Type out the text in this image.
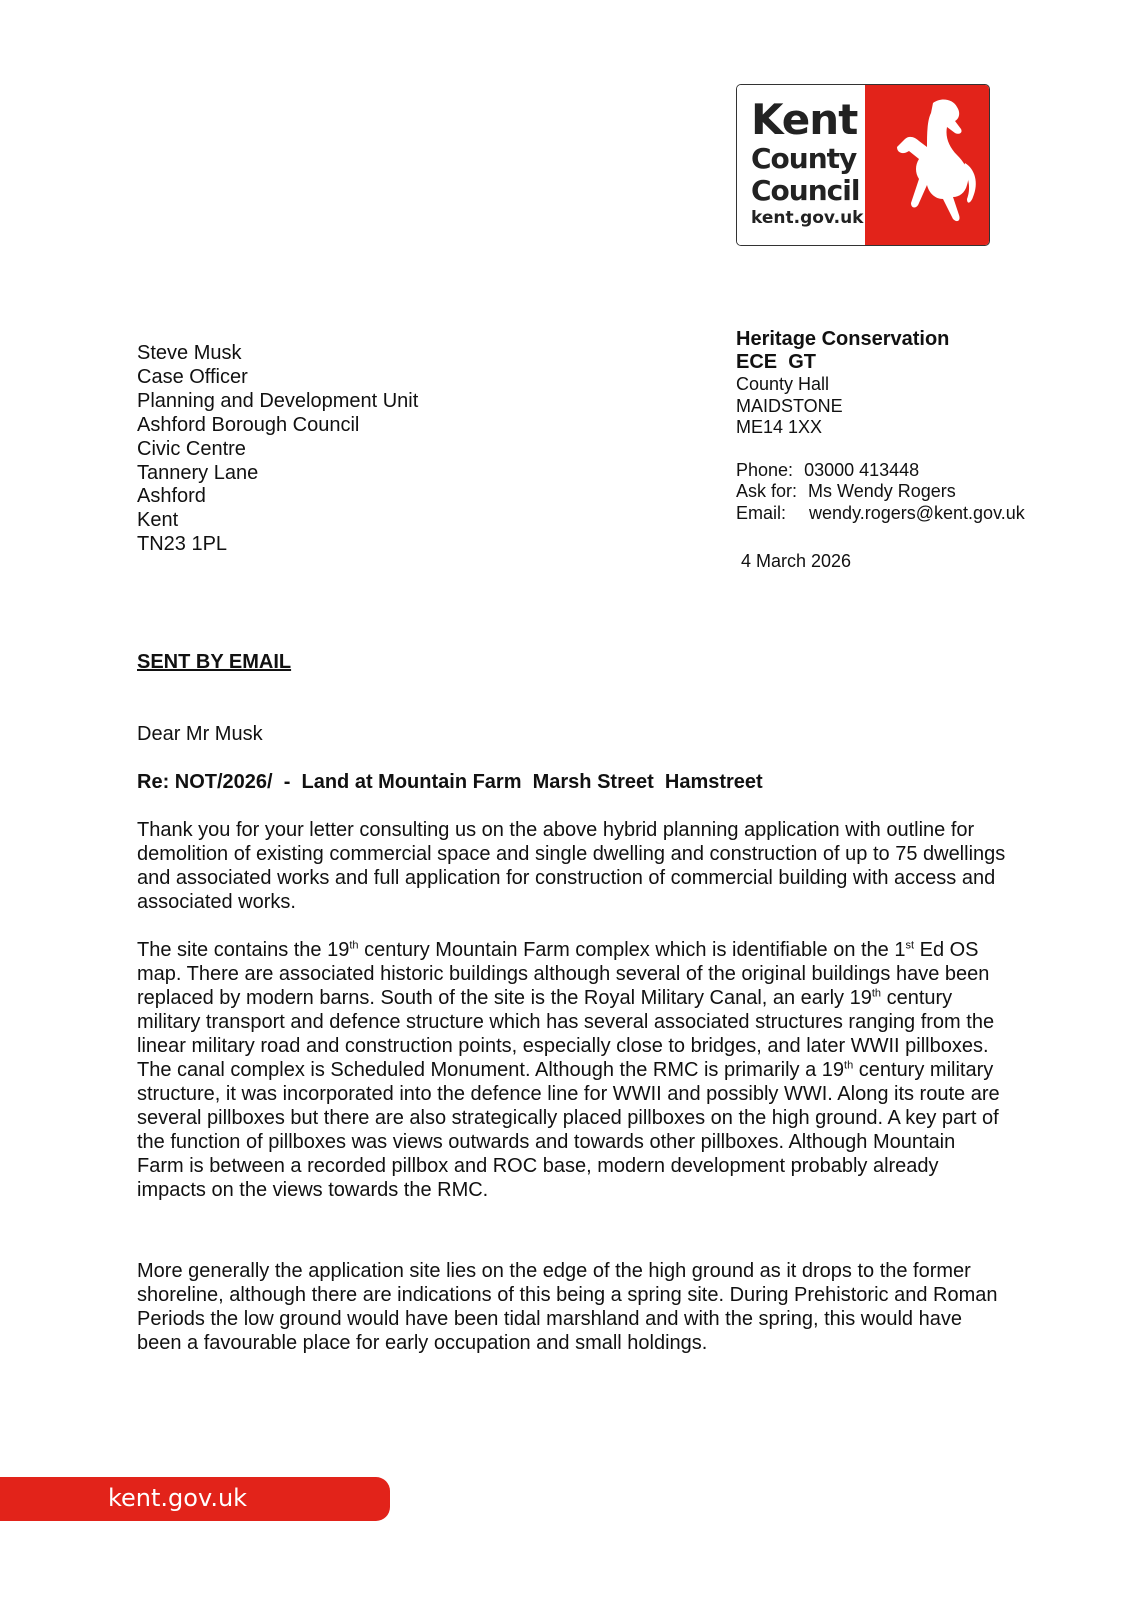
Kent
County
Council
kent.gov.uk
Steve Musk
Case Officer
Planning and Development Unit
Ashford Borough Council
Civic Centre
Tannery Lane
Ashford
Kent
TN23 1PL
Heritage Conservation
ECE  GT
County Hall
MAIDSTONE
ME14 1XX
Phone: 03000 413448
Ask for: Ms Wendy Rogers
Email: wendy.rogers@kent.gov.uk
4 March 2026
SENT BY EMAIL
Dear Mr Musk
Re: NOT/2026/  -  Land at Mountain Farm  Marsh Street  Hamstreet
Thank you for your letter consulting us on the above hybrid planning application with outline for demolition of existing commercial space and single dwelling and construction of up to 75 dwellings and associated works and full application for construction of commercial building with access and associated works.
The site contains the 19th century Mountain Farm complex which is identifiable on the 1st Ed OS map. There are associated historic buildings although several of the original buildings have been replaced by modern barns. South of the site is the Royal Military Canal, an early 19th century military transport and defence structure which has several associated structures ranging from the linear military road and construction points, especially close to bridges, and later WWII pillboxes. The canal complex is Scheduled Monument. Although the RMC is primarily a 19th century military structure, it was incorporated into the defence line for WWII and possibly WWI. Along its route are several pillboxes but there are also strategically placed pillboxes on the high ground. A key part of the function of pillboxes was views outwards and towards other pillboxes. Although Mountain Farm is between a recorded pillbox and ROC base, modern development probably already impacts on the views towards the RMC.
More generally the application site lies on the edge of the high ground as it drops to the former shoreline, although there are indications of this being a spring site. During Prehistoric and Roman Periods the low ground would have been tidal marshland and with the spring, this would have been a favourable place for early occupation and small holdings.
kent.gov.uk
